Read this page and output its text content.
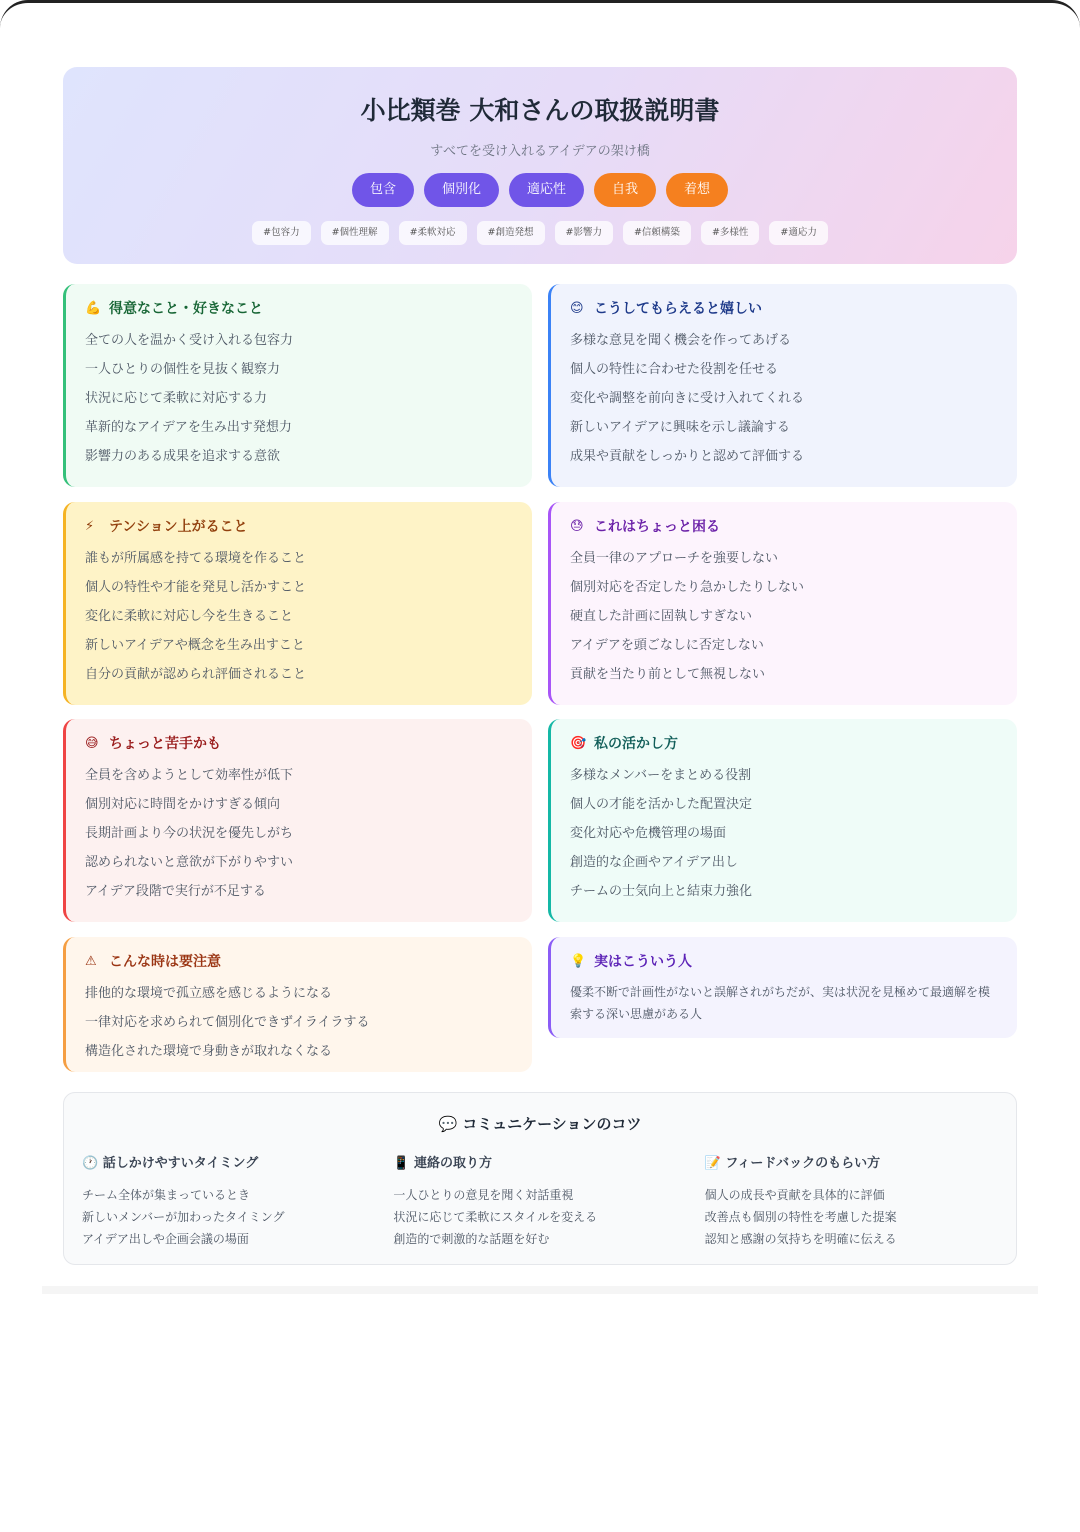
小比類巻 大和さんの取扱説明書
すべてを受け入れるアイデアの架け橋
包含	個別化	適応性	自我	着想
#包容力	#個性理解	#柔軟対応	#創造発想	#影響力	#信頼構築	#多様性	#適応力
💪 得意なこと・好きなこと
全ての人を温かく受け入れる包容力
一人ひとりの個性を見抜く観察力
状況に応じて柔軟に対応する力
革新的なアイデアを生み出す発想力
影響力のある成果を追求する意欲
😊 こうしてもらえると嬉しい
多様な意見を聞く機会を作ってあげる
個人の特性に合わせた役割を任せる
変化や調整を前向きに受け入れてくれる
新しいアイデアに興味を示し議論する
成果や貢献をしっかりと認めて評価する
⚡	テンション上がること
誰もが所属感を持てる環境を作ること
個人の特性や才能を発見し活かすこと
変化に柔軟に対応し今を生きること
新しいアイデアや概念を生み出すこと
自分の貢献が認められ評価されること
😓 これはちょっと困る
全員一律のアプローチを強要しない
個別対応を否定したり急かしたりしない
硬直した計画に固執しすぎない
アイデアを頭ごなしに否定しない
貢献を当たり前として無視しない
😅 ちょっと苦手かも
全員を含めようとして効率性が低下
個別対応に時間をかけすぎる傾向
長期計画より今の状況を優先しがち
認められないと意欲が下がりやすい
アイデア段階で実行が不足する
🎯 私の活かし方
多様なメンバーをまとめる役割
個人の才能を活かした配置決定
変化対応や危機管理の場面
創造的な企画やアイデア出し
チームの士気向上と結束力強化
⚠ こんな時は要注意
排他的な環境で孤立感を感じるようになる
一律対応を求められて個別化できずイライラする
構造化された環境で身動きが取れなくなる
💡 実はこういう人

優柔不断で計画性がないと誤解されがちだが、実は状況を見極めて最適解を模索する深い思慮がある人

💬 コミュニケーションのコツ
🕐 話しかけやすいタイミング
チーム全体が集まっているとき
新しいメンバーが加わったタイミング
アイデア出しや企画会議の場面
📱 連絡の取り方
一人ひとりの意見を聞く対話重視
状況に応じて柔軟にスタイルを変える
創造的で刺激的な話題を好む
📝 フィードバックのもらい方
個人の成長や貢献を具体的に評価
改善点も個別の特性を考慮した提案
認知と感謝の気持ちを明確に伝える
